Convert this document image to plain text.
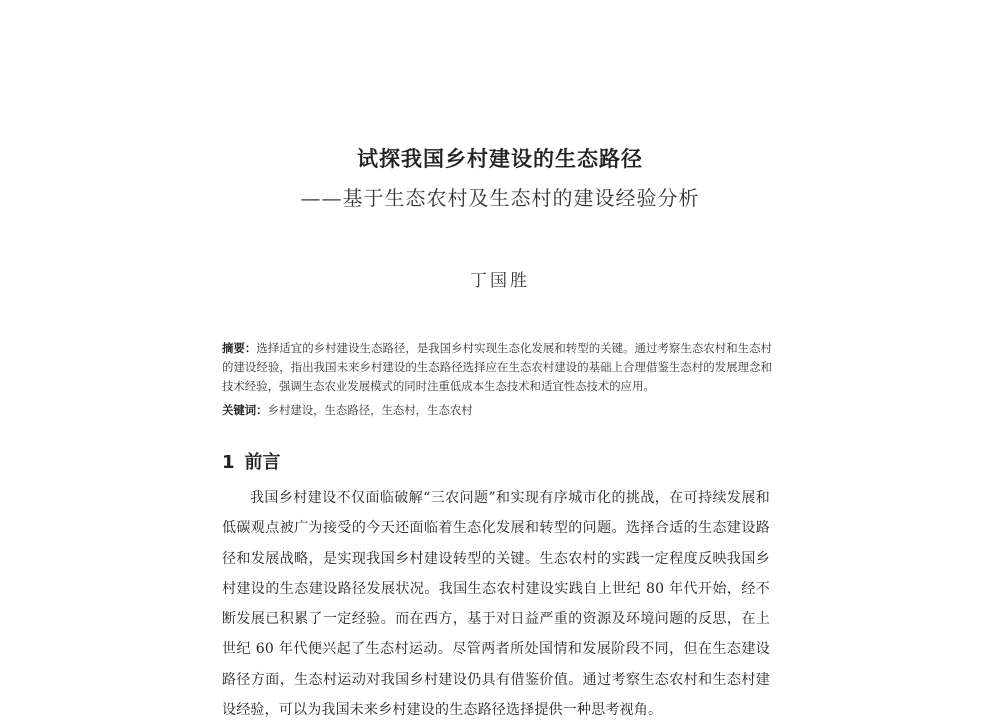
试探我国乡村建设的生态路径
——基于生态农村及生态村的建设经验分析
丁国胜
摘要：选择适宜的乡村建设生态路径，是我国乡村实现生态化发展和转型的关键。通过考察生态农村和生态村的建设经验，指出我国未来乡村建设的生态路径选择应在生态农村建设的基础上合理借鉴生态村的发展理念和技术经验，强调生态农业发展模式的同时注重低成本生态技术和适宜性态技术的应用。
关键词：乡村建设，生态路径，生态村，生态农村
1 前言
我国乡村建设不仅面临破解“三农问题”和实现有序城市化的挑战，在可持续发展和低碳观点被广为接受的今天还面临着生态化发展和转型的问题。选择合适的生态建设路径和发展战略，是实现我国乡村建设转型的关键。生态农村的实践一定程度反映我国乡村建设的生态建设路径发展状况。我国生态农村建设实践自上世纪 80 年代开始，经不断发展已积累了一定经验。而在西方，基于对日益严重的资源及环境问题的反思，在上世纪 60 年代便兴起了生态村运动。尽管两者所处国情和发展阶段不同，但在生态建设路径方面，生态村运动对我国乡村建设仍具有借鉴价值。通过考察生态农村和生态村建设经验，可以为我国未来乡村建设的生态路径选择提供一种思考视角。
